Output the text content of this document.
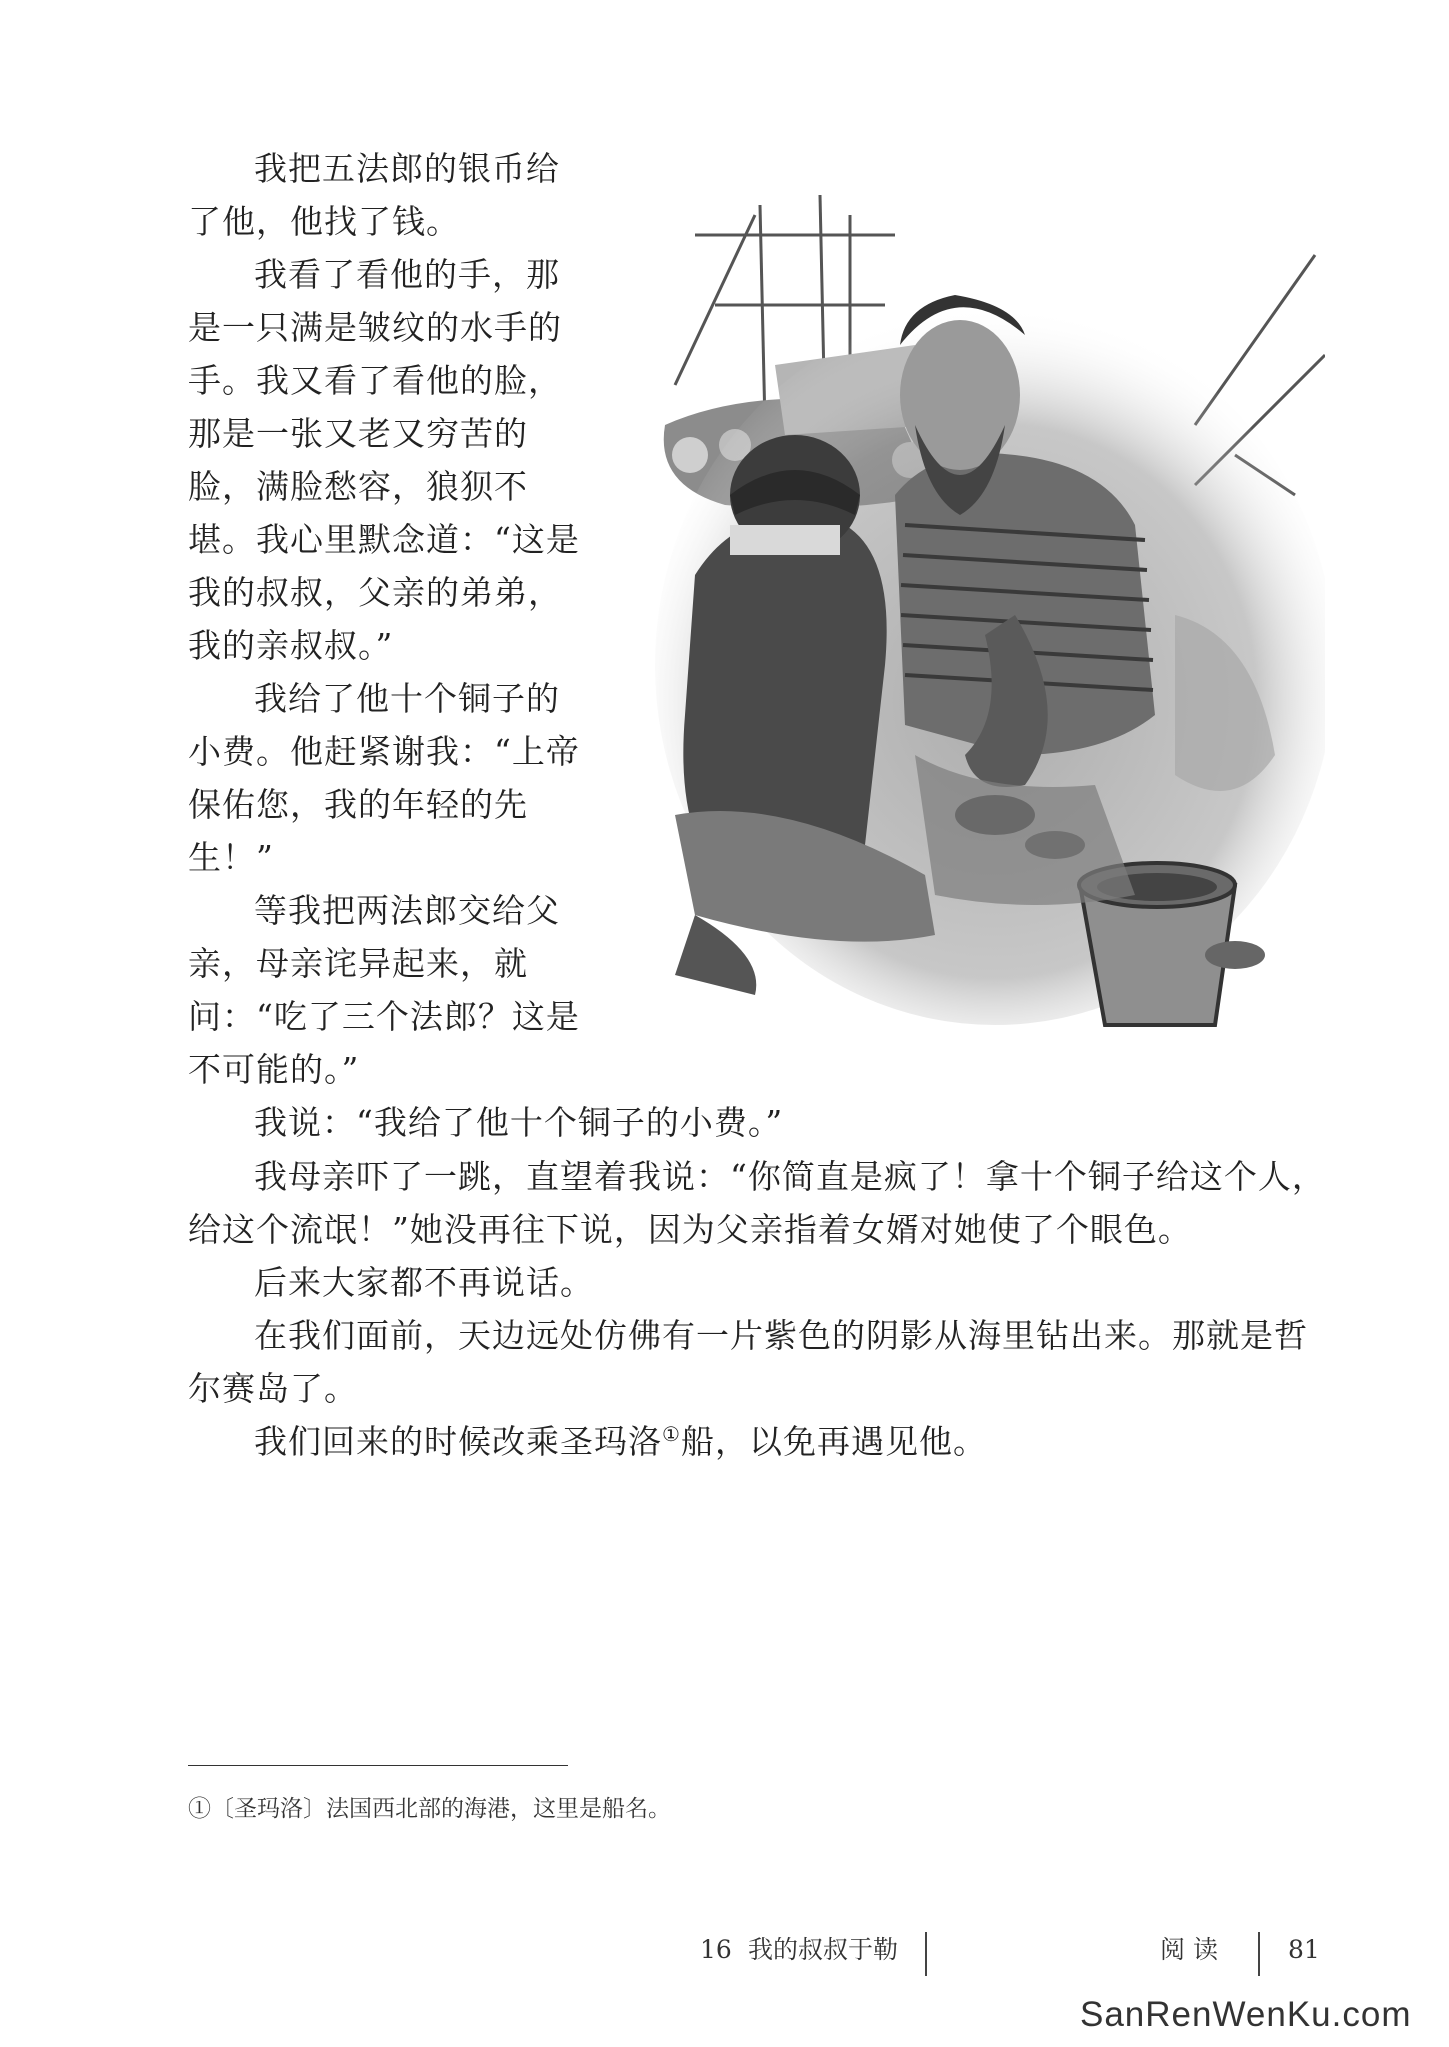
我把五法郎的银币给了他，他找了钱。

我看了看他的手，那是一只满是皱纹的水手的手。我又看了看他的脸，那是一张又老又穷苦的脸，满脸愁容，狼狈不堪。我心里默念道：“这是我的叔叔，父亲的弟弟，我的亲叔叔。”

我给了他十个铜子的小费。他赶紧谢我：“上帝保佑您，我的年轻的先生！”

等我把两法郎交给父亲，母亲诧异起来，就问：“吃了三个法郎？这是不可能的。”

我说：“我给了他十个铜子的小费。”

我母亲吓了一跳，直望着我说：“你简直是疯了！拿十个铜子给这个人，给这个流氓！”她没再往下说，因为父亲指着女婿对她使了个眼色。

后来大家都不再说话。

在我们面前，天边远处仿佛有一片紫色的阴影从海里钻出来。那就是哲尔赛岛了。

我们回来的时候改乘圣玛洛①船，以免再遇见他。

①〔圣玛洛〕法国西北部的海港，这里是船名。
16 我的叔叔于勒	阅 读	81
SanRenWenKu.com
